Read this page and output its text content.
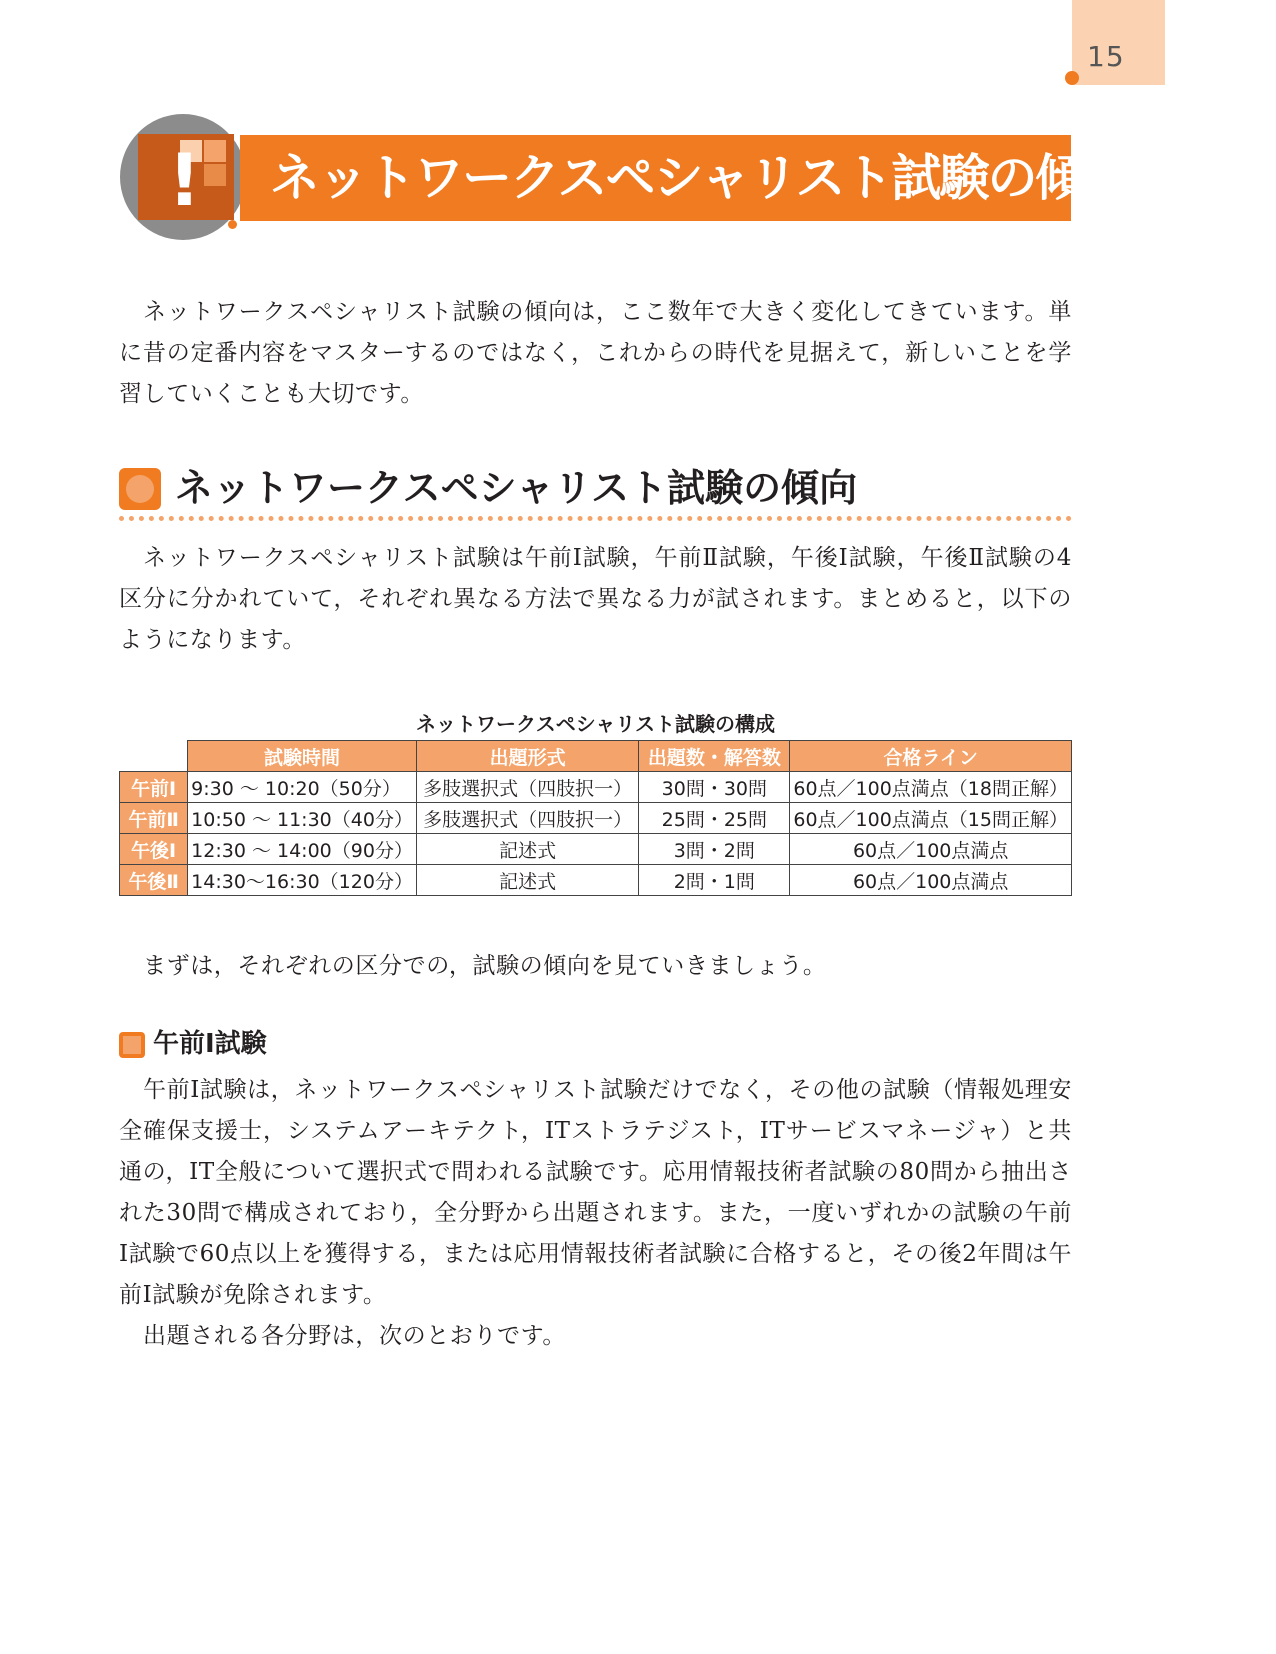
15
! ネットワークスペシャリスト試験の傾向と対策

ネットワークスペシャリスト試験の傾向は，ここ数年で大きく変化してきています。単に昔の定番内容をマスターするのではなく，これからの時代を見据えて，新しいことを学習していくことも大切です。

ネットワークスペシャリスト試験の傾向

ネットワークスペシャリスト試験は午前Ⅰ試験，午前Ⅱ試験，午後Ⅰ試験，午後Ⅱ試験の4区分に分かれていて，それぞれ異なる方法で異なる力が試されます。まとめると，以下のようになります。

ネットワークスペシャリスト試験の構成
	試験時間	出題形式	出題数・解答数	合格ライン
午前Ⅰ	9:30 ～ 10:20（50分）	多肢選択式（四肢択一）	30問・30問	60点／100点満点（18問正解）
午前Ⅱ	10:50 ～ 11:30（40分）	多肢選択式（四肢択一）	25問・25問	60点／100点満点（15問正解）
午後Ⅰ	12:30 ～ 14:00（90分）	記述式	3問・2問	60点／100点満点
午後Ⅱ	14:30～16:30（120分）	記述式	2問・1問	60点／100点満点

まずは，それぞれの区分での，試験の傾向を見ていきましょう。

午前Ⅰ試験

午前Ⅰ試験は，ネットワークスペシャリスト試験だけでなく，その他の試験（情報処理安全確保支援士，システムアーキテクト，ITストラテジスト，ITサービスマネージャ）と共通の，IT全般について選択式で問われる試験です。応用情報技術者試験の80問から抽出された30問で構成されており，全分野から出題されます。また，一度いずれかの試験の午前Ⅰ試験で60点以上を獲得する，または応用情報技術者試験に合格すると，その後2年間は午前Ⅰ試験が免除されます。

出題される各分野は，次のとおりです。
